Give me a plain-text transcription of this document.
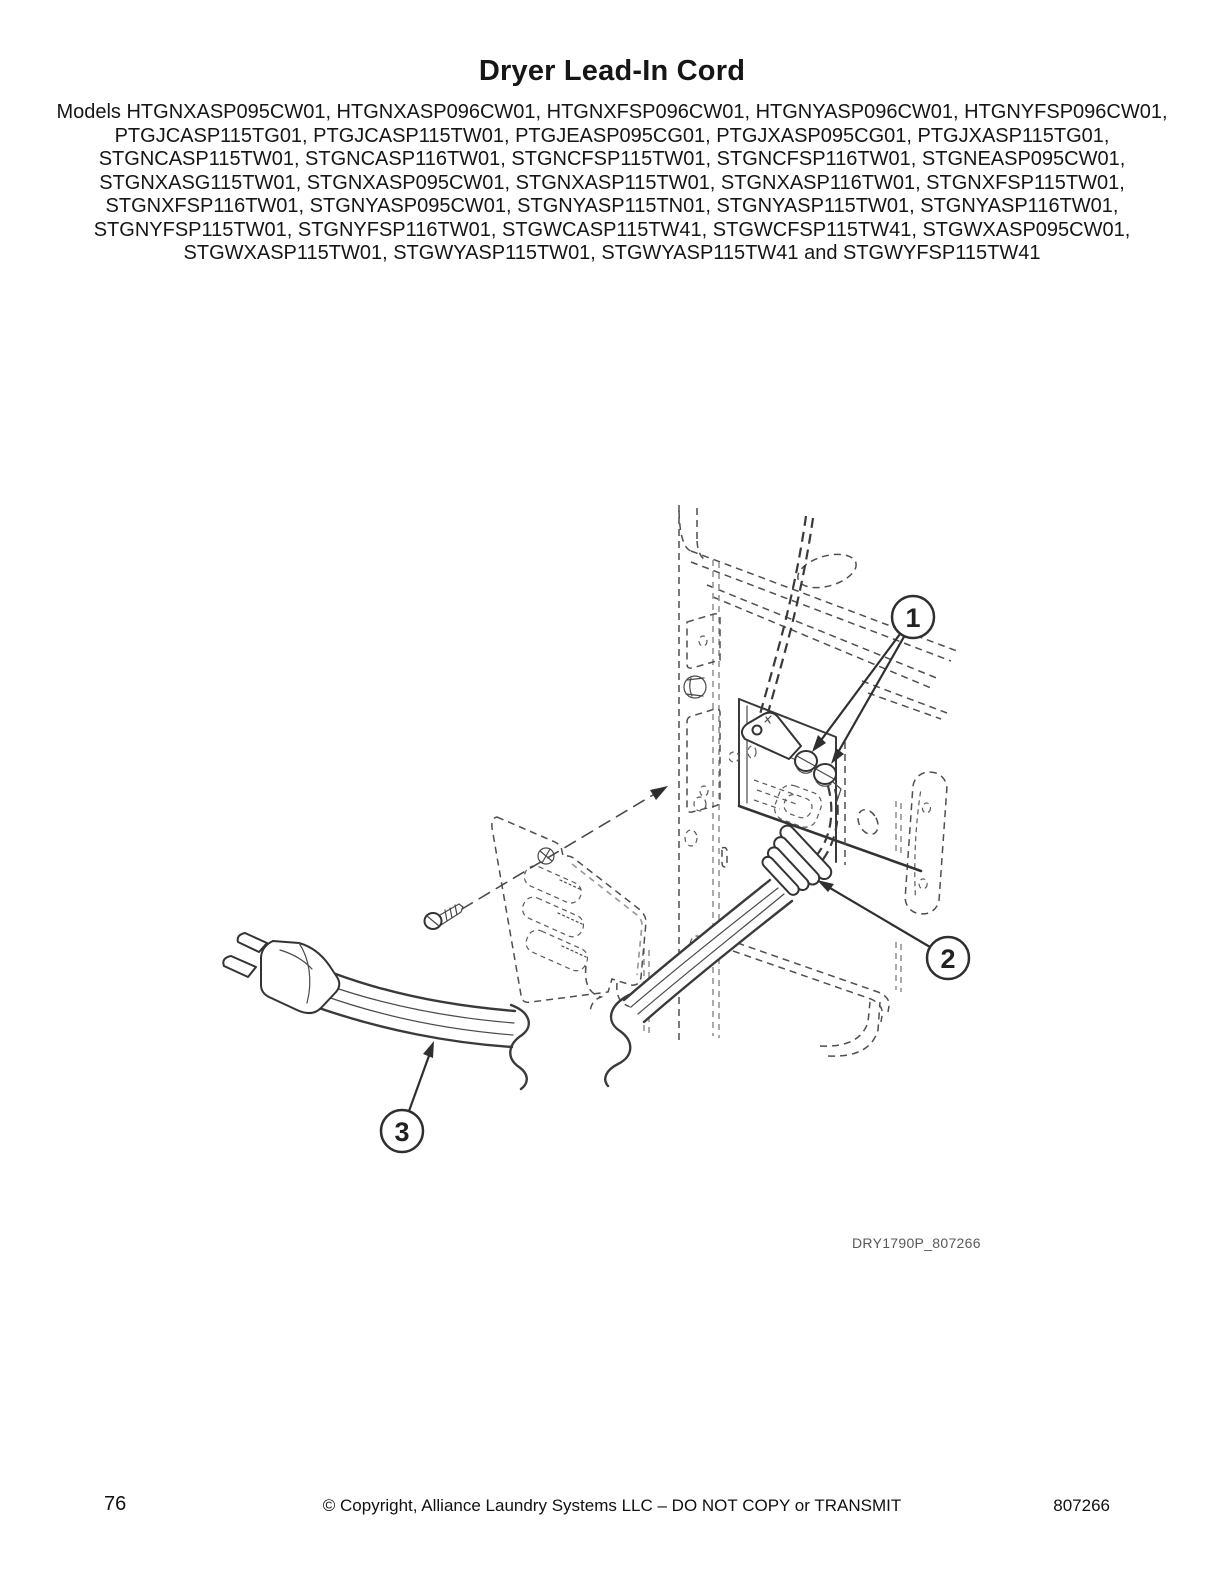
Dryer Lead-In Cord
Models HTGNXASP095CW01, HTGNXASP096CW01, HTGNXFSP096CW01, HTGNYASP096CW01, HTGNYFSP096CW01,
PTGJCASP115TG01, PTGJCASP115TW01, PTGJEASP095CG01, PTGJXASP095CG01, PTGJXASP115TG01,
STGNCASP115TW01, STGNCASP116TW01, STGNCFSP115TW01, STGNCFSP116TW01, STGNEASP095CW01,
STGNXASG115TW01, STGNXASP095CW01, STGNXASP115TW01, STGNXASP116TW01, STGNXFSP115TW01,
STGNXFSP116TW01, STGNYASP095CW01, STGNYASP115TN01, STGNYASP115TW01, STGNYASP116TW01,
STGNYFSP115TW01, STGNYFSP116TW01, STGWCASP115TW41, STGWCFSP115TW41, STGWXASP095CW01,
STGWXASP115TW01, STGWYASP115TW01, STGWYASP115TW41 and STGWYFSP115TW41
1
2
3
DRY1790P_807266
76	© Copyright, Alliance Laundry Systems LLC – DO NOT COPY or TRANSMIT	807266
